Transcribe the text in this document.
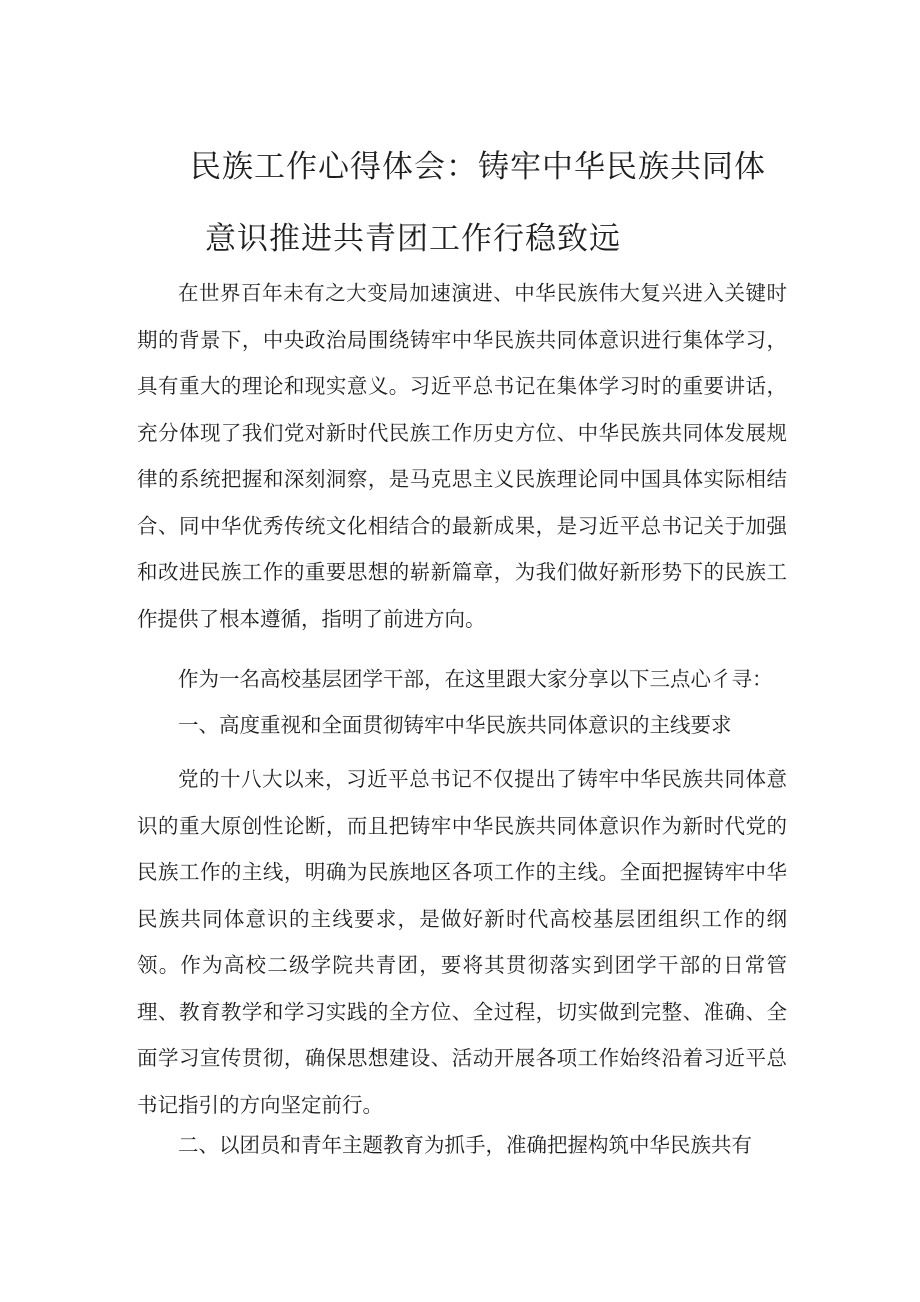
民族工作心得体会：铸牢中华民族共同体
意识推进共青团工作行稳致远

在世界百年未有之大变局加速演进、中华民族伟大复兴进入关键时期的背景下，中央政治局围绕铸牢中华民族共同体意识进行集体学习，具有重大的理论和现实意义。习近平总书记在集体学习时的重要讲话，充分体现了我们党对新时代民族工作历史方位、中华民族共同体发展规律的系统把握和深刻洞察，是马克思主义民族理论同中国具体实际相结合、同中华优秀传统文化相结合的最新成果，是习近平总书记关于加强和改进民族工作的重要思想的崭新篇章，为我们做好新形势下的民族工作提供了根本遵循，指明了前进方向。

作为一名高校基层团学干部，在这里跟大家分享以下三点心彳寻：

一、高度重视和全面贯彻铸牢中华民族共同体意识的主线要求

党的十八大以来，习近平总书记不仅提出了铸牢中华民族共同体意识的重大原创性论断，而且把铸牢中华民族共同体意识作为新时代党的民族工作的主线，明确为民族地区各项工作的主线。全面把握铸牢中华民族共同体意识的主线要求，是做好新时代高校基层团组织工作的纲领。作为高校二级学院共青团，要将其贯彻落实到团学干部的日常管理、教育教学和学习实践的全方位、全过程，切实做到完整、准确、全面学习宣传贯彻，确保思想建设、活动开展各项工作始终沿着习近平总书记指引的方向坚定前行。

二、以团员和青年主题教育为抓手，准确把握构筑中华民族共有
